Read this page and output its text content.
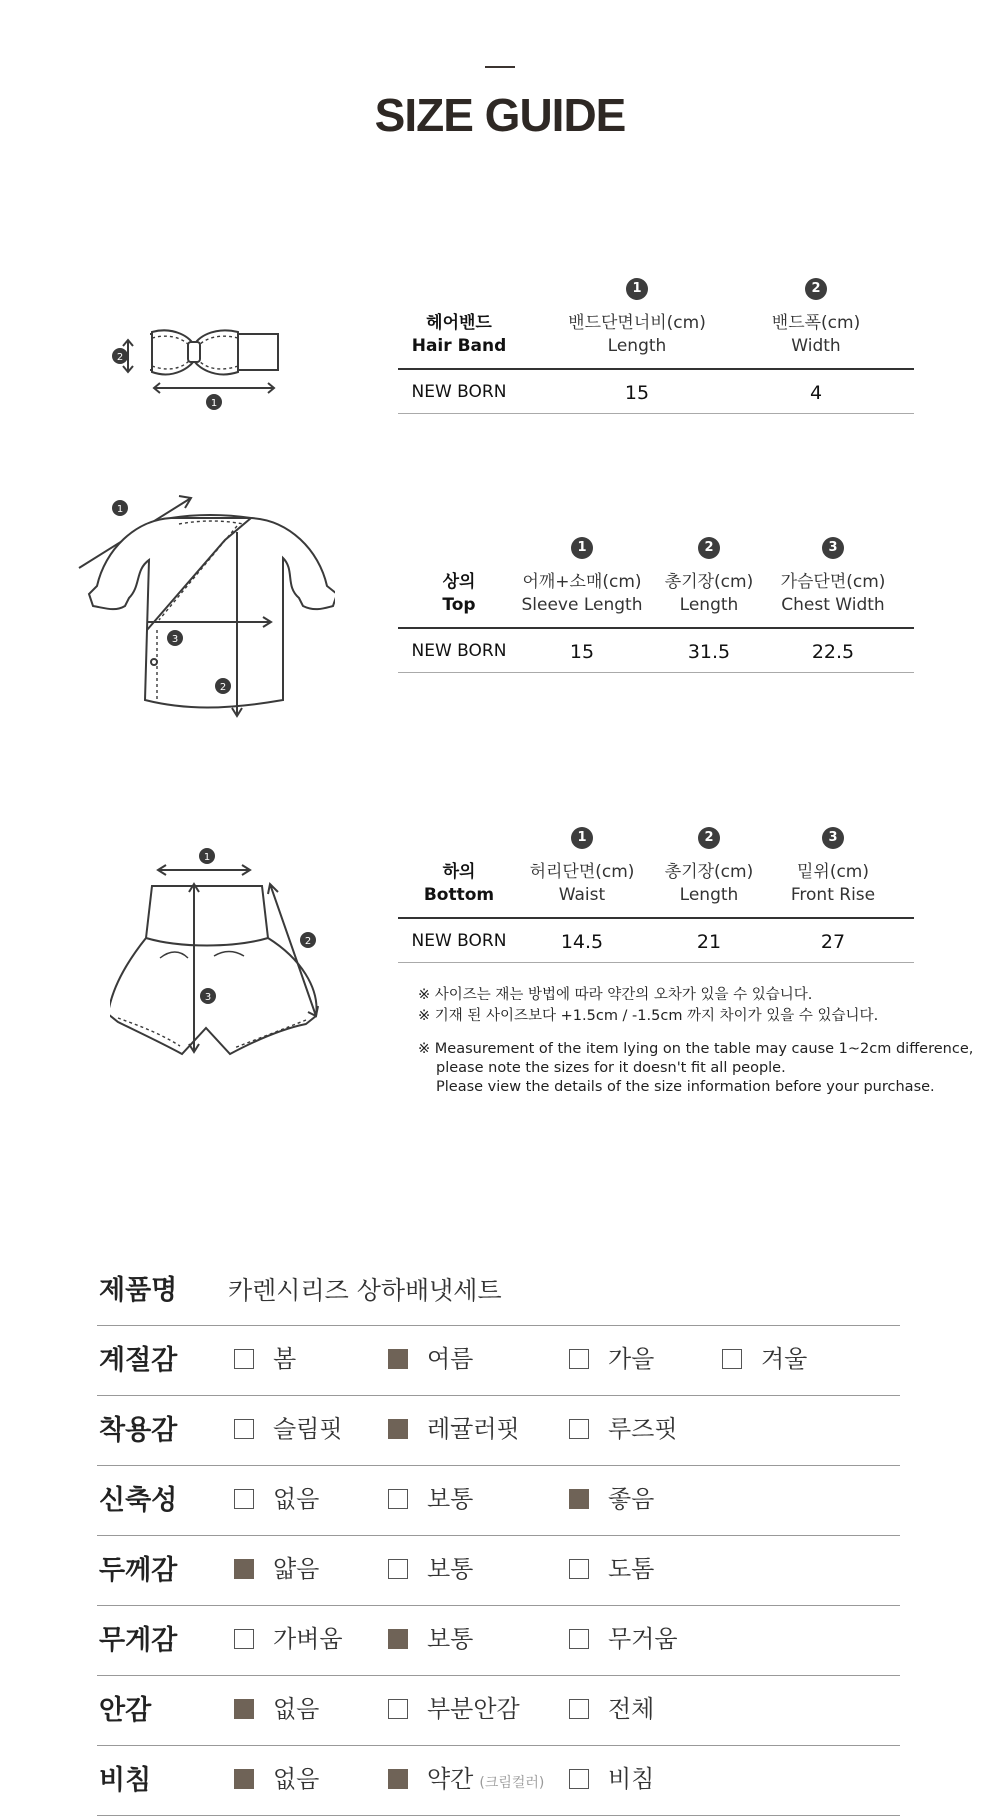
SIZE GUIDE
2
1
1
3
2
1
3
2
헤어밴드
Hair Band
1
밴드단면너비(cm)
Length
2
밴드폭(cm)
Width
NEW BORN	15	4
상의
Top
1
어깨+소매(cm)
Sleeve Length
2
총기장(cm)
Length
3
가슴단면(cm)
Chest Width
NEW BORN	15	31.5	22.5
하의
Bottom
1
허리단면(cm)
Waist
2
총기장(cm)
Length
3
밑위(cm)
Front Rise
NEW BORN	14.5	21	27

※ 사이즈는 재는 방법에 따라 약간의 오차가 있을 수 있습니다.

※ 기재 된 사이즈보다 +1.5cm / -1.5cm 까지 차이가 있을 수 있습니다.

※ Measurement of the item lying on the table may cause 1~2cm difference,
please note the sizes for it doesn't fit all people.
Please view the details of the size information before your purchase.

제품명 카렌시리즈 상하배냇세트
계절감	봄	여름	가을	겨울
착용감	슬림핏	레귤러핏	루즈핏
신축성	없음	보통	좋음
두께감	얇음	보통	도톰
무게감	가벼움	보통	무거움
안감	없음	부분안감	전체
비침	없음	약간 (크림컬러)	비침
